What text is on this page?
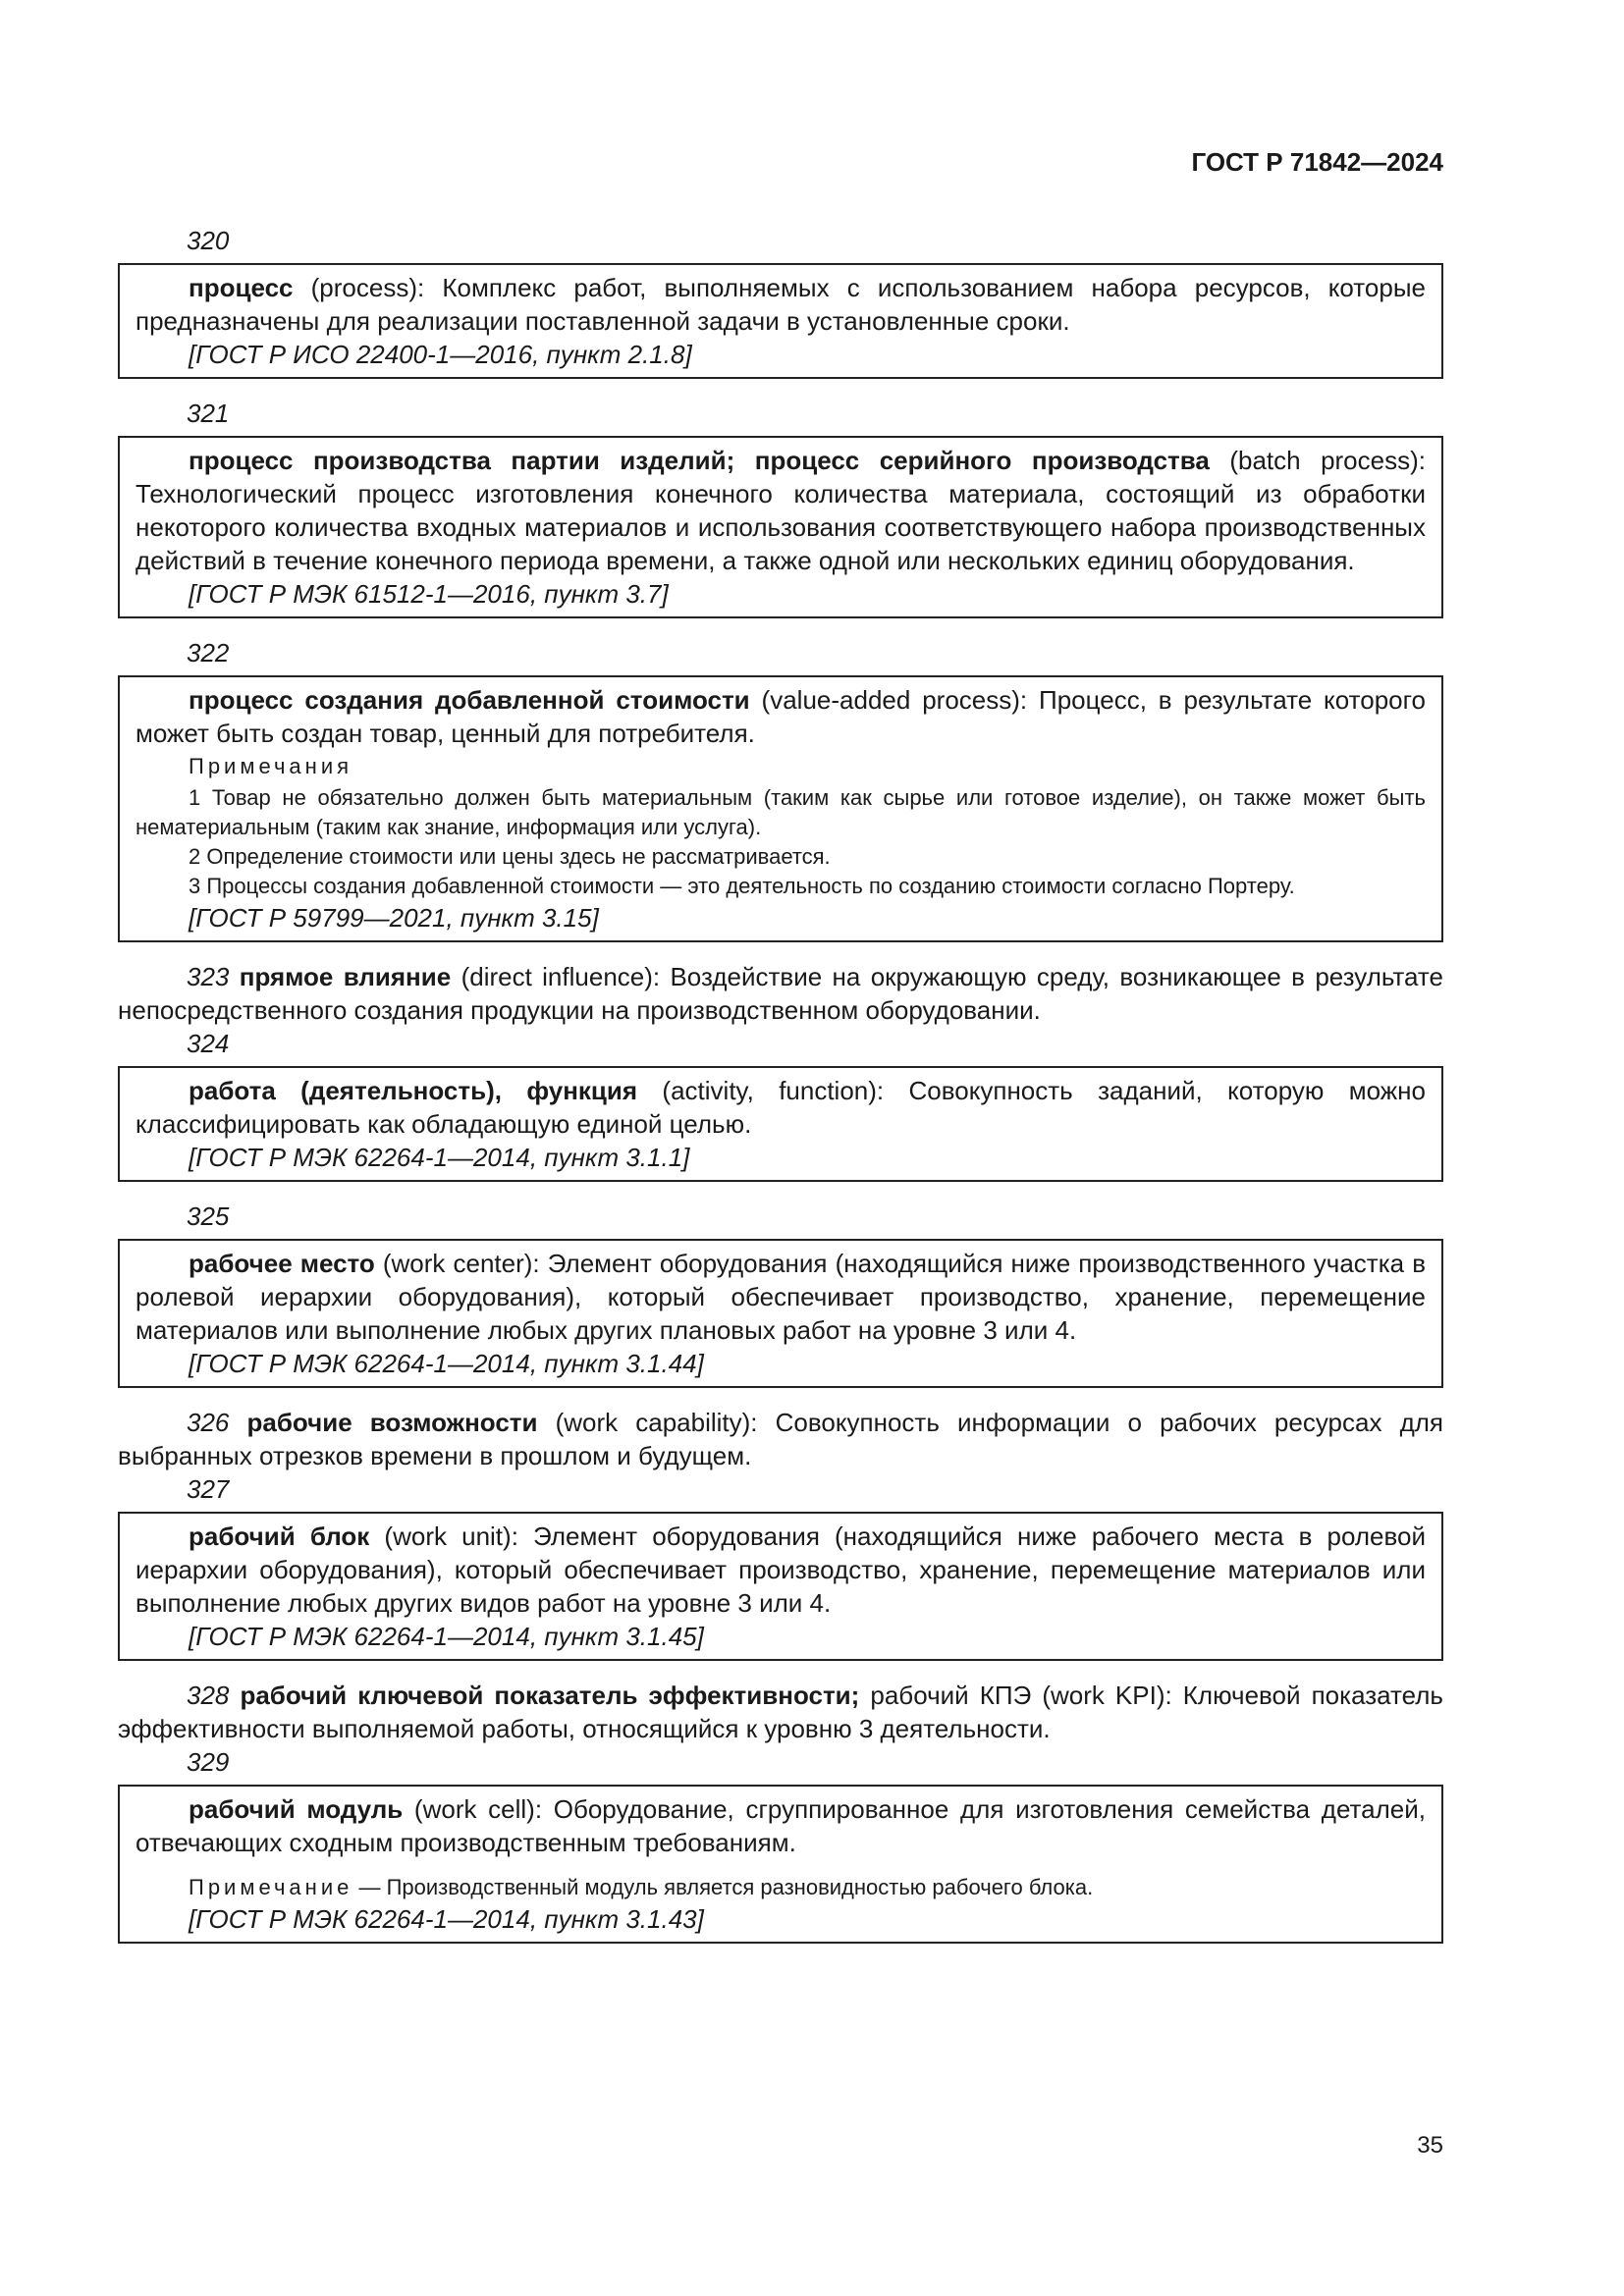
ГОСТ Р 71842—2024
320

процесс (process): Комплекс работ, выполняемых с использованием набора ресурсов, которые предназначены для реализации поставленной задачи в установленные сроки.

[ГОСТ Р ИСО 22400-1—2016, пункт 2.1.8]

321

процесс производства партии изделий; процесс серийного производства (batch process): Технологический процесс изготовления конечного количества материала, состоящий из обработки некоторого количества входных материалов и использования соответствующего набора производственных действий в течение конечного периода времени, а также одной или нескольких единиц оборудования.

[ГОСТ Р МЭК 61512-1—2016, пункт 3.7]

322

процесс создания добавленной стоимости (value-added process): Процесс, в результате которого может быть создан товар, ценный для потребителя.

Примечания

1 Товар не обязательно должен быть материальным (таким как сырье или готовое изделие), он также может быть нематериальным (таким как знание, информация или услуга).

2 Определение стоимости или цены здесь не рассматривается.

3 Процессы создания добавленной стоимости — это деятельность по созданию стоимости согласно Портеру.

[ГОСТ Р 59799—2021, пункт 3.15]

323 прямое влияние (direct influence): Воздействие на окружающую среду, возникающее в результате непосредственного создания продукции на производственном оборудовании.

324

работа (деятельность), функция (activity, function): Совокупность заданий, которую можно классифицировать как обладающую единой целью.

[ГОСТ Р МЭК 62264-1—2014, пункт 3.1.1]

325

рабочее место (work center): Элемент оборудования (находящийся ниже производственного участка в ролевой иерархии оборудования), который обеспечивает производство, хранение, перемещение материалов или выполнение любых других плановых работ на уровне 3 или 4.

[ГОСТ Р МЭК 62264-1—2014, пункт 3.1.44]

326 рабочие возможности (work capability): Совокупность информации о рабочих ресурсах для выбранных отрезков времени в прошлом и будущем.

327

рабочий блок (work unit): Элемент оборудования (находящийся ниже рабочего места в ролевой иерархии оборудования), который обеспечивает производство, хранение, перемещение материалов или выполнение любых других видов работ на уровне 3 или 4.

[ГОСТ Р МЭК 62264-1—2014, пункт 3.1.45]

328 рабочий ключевой показатель эффективности; рабочий КПЭ (work KPI): Ключевой показатель эффективности выполняемой работы, относящийся к уровню 3 деятельности.

329

рабочий модуль (work cell): Оборудование, сгруппированное для изготовления семейства деталей, отвечающих сходным производственным требованиям.

Примечание — Производственный модуль является разновидностью рабочего блока.

[ГОСТ Р МЭК 62264-1—2014, пункт 3.1.43]

35
